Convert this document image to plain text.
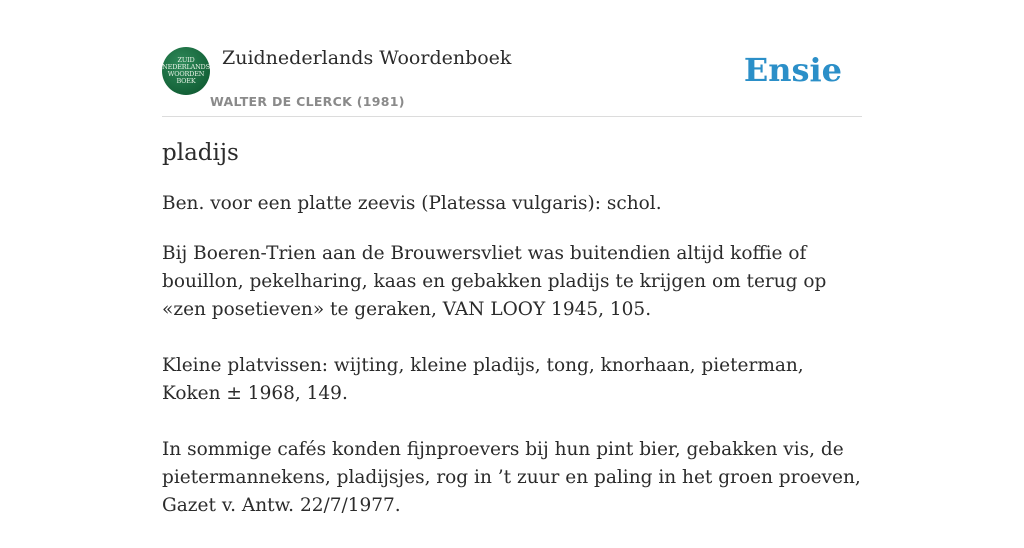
ZUID
NEDERLANDS
WOORDEN
BOEK
Zuidnederlands Woordenboek
WALTER DE CLERCK (1981)
Ensie
pladijs

Ben. voor een platte zeevis (Platessa vulgaris): schol.

Bij Boeren-Trien aan de Brouwersvliet was buitendien altijd koffie of bouillon, pekelharing, kaas en gebakken pladijs te krijgen om terug op «zen posetieven» te geraken, VAN LOOY 1945, 105.

Kleine platvissen: wijting, kleine pladijs, tong, knorhaan, pieterman, Koken ± 1968, 149.

In sommige cafés konden fijnproevers bij hun pint bier, gebakken vis, de pietermannekens, pladijsjes, rog in ’t zuur en paling in het groen proeven, Gazet v. Antw. 22/7/1977.
